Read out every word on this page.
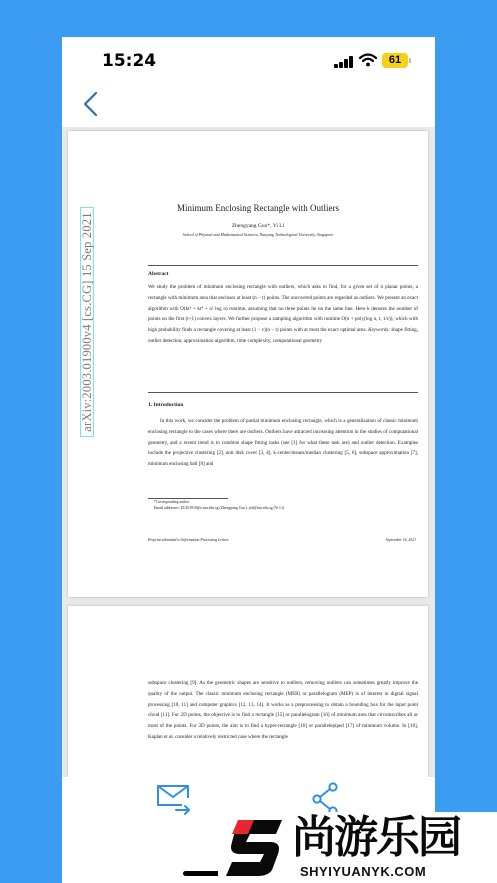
15:24	61
arXiv:2003.01900v4 [cs.CG] 15 Sep 2021
Minimum Enclosing Rectangle with Outliers
Zhengyang Guo*, Yi Li
School of Physical and Mathematical Sciences, Nanyang Technological University, Singapore
Abstract
We study the problem of minimum enclosing rectangle with outliers, which asks to find, for a given set of n planar points, a rectangle with minimum area that encloses at least (n − t) points. The uncovered points are regarded as outliers. We present an exact algorithm with O(kt³ + kt⁴ + n² log n) runtime, assuming that no three points lie on the same line. Here k denotes the number of points on the first (t+1) convex layers. We further propose a sampling algorithm with runtime O(n + poly(log n, t, 1/ε)), which with high probability finds a rectangle covering at least (1 − ε)(n − t) points with at most the exact optimal area. Keywords: shape fitting, outlier detection, approximation algorithm, time complexity, computational geometry
1. Introduction
In this work, we consider the problem of partial minimum enclosing rectangle, which is a generalization of classic minimum enclosing rectangle to the cases where there are outliers. Outliers have attracted increasing attention in the studies of computational geometry, and a recent trend is to combine shape fitting tasks (see [1] for what these task are) and outlier detection. Examples include the projective clustering [2], unit disk cover [3, 4], k-center/means/median clustering [5, 6], subspace approximation [7], minimum enclosing ball [8] and
*Corresponding author
Email addresses: ZGUO010@e.ntu.edu.sg (Zhengyang Guo), yili@ntu.edu.sg (Yi Li)
Preprint submitted to Information Processing Letters	September 16, 2021
subspace clustering [9]. As the geometric shapes are sensitive to outliers, removing outliers can sometimes greatly improve the quality of the output. The classic minimum enclosing rectangle (MER) or parallelogram (MEP) is of interest in digital signal processing [10, 11] and computer graphics [12, 13, 14]. It works as a preprocessing to obtain a bounding box for the input point cloud [11]. For 2D points, the objective is to find a rectangle [15] or parallelogram [10] of minimum area that circumscribes all or most of the points. For 3D points, the aim is to find a hyper-rectangle [16] or parallelepiped [17] of minimum volume. In [18], Kaplan et al. consider a relatively restricted case where the rectangle
尚游乐园
SHYIYUANYK.COM
